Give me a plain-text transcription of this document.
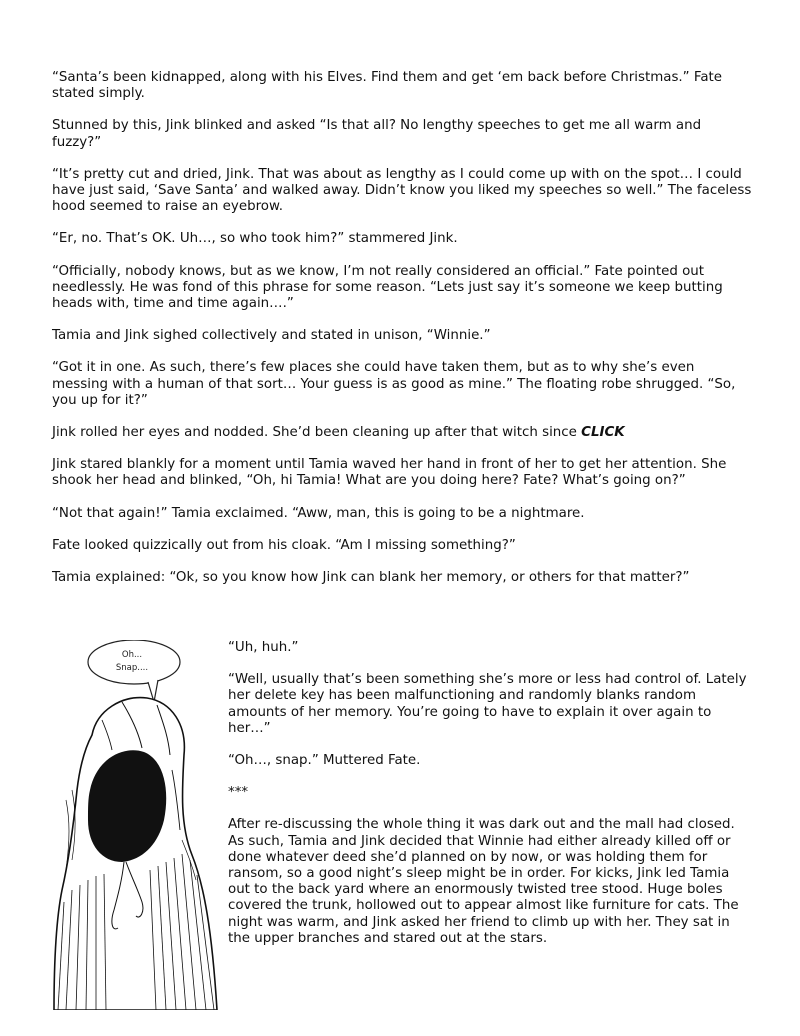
“Santa’s been kidnapped, along with his Elves. Find them and get ‘em back before Christmas.” Fate stated simply.

Stunned by this, Jink blinked and asked “Is that all? No lengthy speeches to get me all warm and fuzzy?”

“It’s pretty cut and dried, Jink. That was about as lengthy as I could come up with on the spot… I could have just said, ‘Save Santa’ and walked away. Didn’t know you liked my speeches so well.” The faceless hood seemed to raise an eyebrow.

“Er, no. That’s OK. Uh…, so who took him?” stammered Jink.

“Officially, nobody knows, but as we know, I’m not really considered an official.” Fate pointed out needlessly. He was fond of this phrase for some reason. “Lets just say it’s someone we keep butting heads with, time and time again….”

Tamia and Jink sighed collectively and stated in unison, “Winnie.”

“Got it in one. As such, there’s few places she could have taken them, but as to why she’s even messing with a human of that sort… Your guess is as good as mine.” The floating robe shrugged. “So, you up for it?”

Jink rolled her eyes and nodded. She’d been cleaning up after that witch since CLICK

Jink stared blankly for a moment until Tamia waved her hand in front of her to get her attention. She shook her head and blinked, “Oh, hi Tamia! What are you doing here? Fate? What’s going on?”

“Not that again!” Tamia exclaimed. “Aww, man, this is going to be a nightmare.

Fate looked quizzically out from his cloak. “Am I missing something?”

Tamia explained: “Ok, so you know how Jink can blank her memory, or others for that matter?”

Oh...
Snap....

“Uh, huh.”

“Well, usually that’s been something she’s more or less had control of. Lately her delete key has been malfunctioning and randomly blanks random amounts of her memory. You’re going to have to explain it over again to her…”

“Oh…, snap.” Muttered Fate.

***

After re-discussing the whole thing it was dark out and the mall had closed. As such, Tamia and Jink decided that Winnie had either already killed off or done whatever deed she’d planned on by now, or was holding them for ransom, so a good night’s sleep might be in order. For kicks, Jink led Tamia out to the back yard where an enormously twisted tree stood. Huge boles covered the trunk, hollowed out to appear almost like furniture for cats. The night was warm, and Jink asked her friend to climb up with her. They sat in the upper branches and stared out at the stars.
